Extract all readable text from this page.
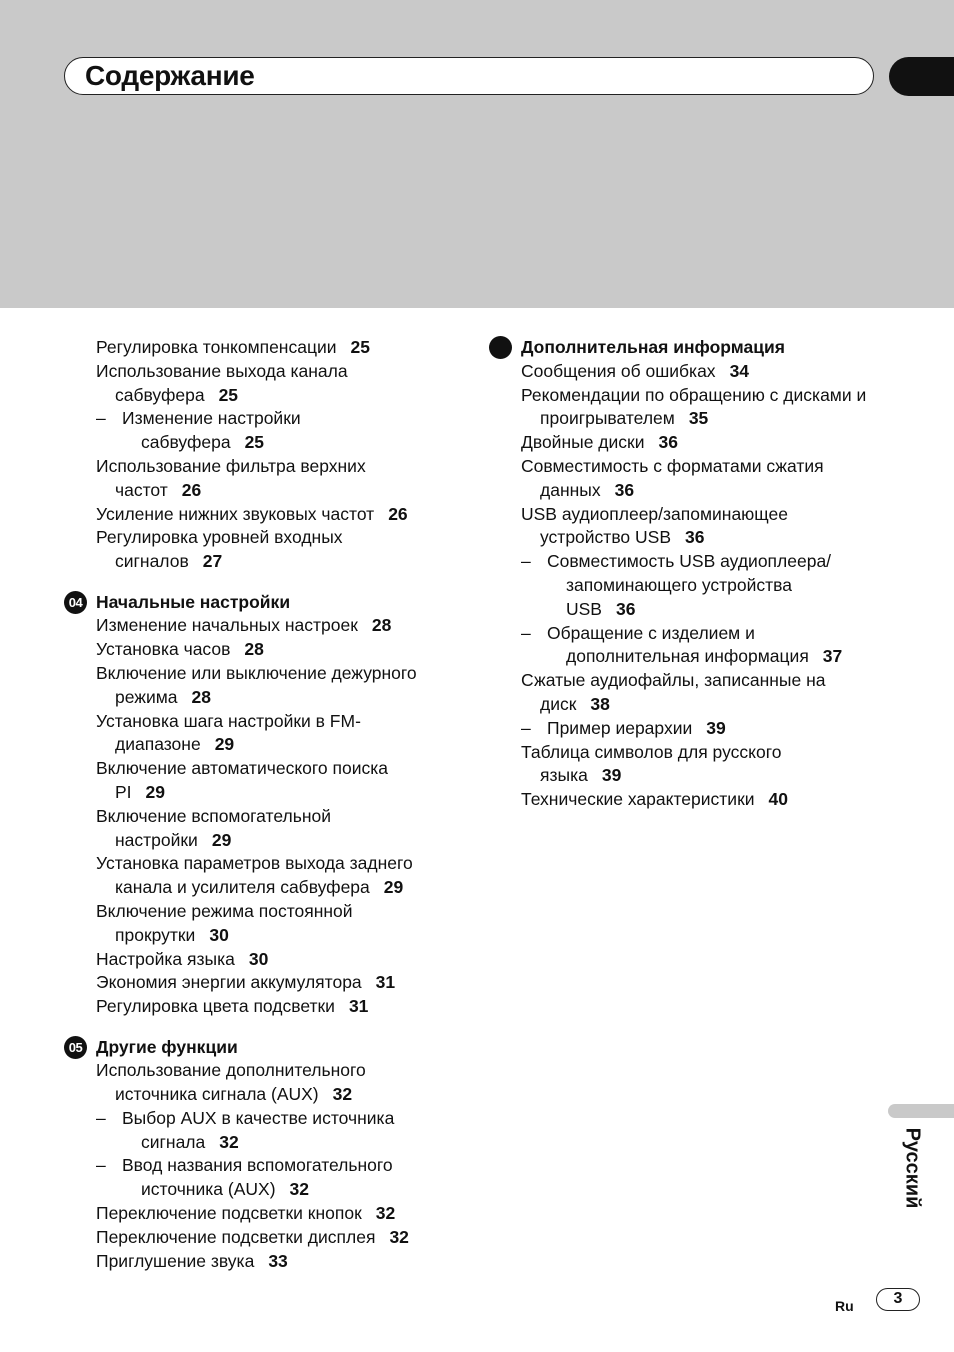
Содержание
Регулировка тонкомпенсации 25
Использование выхода канала
сабвуфера 25
– Изменение настройки
сабвуфера 25
Использование фильтра верхних
частот 26
Усиление нижних звуковых частот 26
Регулировка уровней входных
сигналов 27
04 Начальные настройки
Изменение начальных настроек 28
Установка часов 28
Включение или выключение дежурного
режима 28
Установка шага настройки в FM-
диапазоне 29
Включение автоматического поиска
PI 29
Включение вспомогательной
настройки 29
Установка параметров выхода заднего
канала и усилителя сабвуфера 29
Включение режима постоянной
прокрутки 30
Настройка языка 30
Экономия энергии аккумулятора 31
Регулировка цвета подсветки 31
05 Другие функции
Использование дополнительного
источника сигнала (AUX) 32
– Выбор AUX в качестве источника
сигнала 32
– Ввод названия вспомогательного
источника (AUX) 32
Переключение подсветки кнопок 32
Переключение подсветки дисплея 32
Приглушение звука 33
Дополнительная информация
Сообщения об ошибках 34
Рекомендации по обращению с дисками и
проигрывателем 35
Двойные диски 36
Совместимость с форматами сжатия
данных 36
USB аудиоплеер/запоминающее
устройство USB 36
– Совместимость USB аудиоплеера/
запоминающего устройства
USB 36
– Обращение с изделием и
дополнительная информация 37
Сжатые аудиофайлы, записанные на
диск 38
– Пример иерархии 39
Таблица символов для русского
языка 39
Технические характеристики 40
Русский
Ru	3
